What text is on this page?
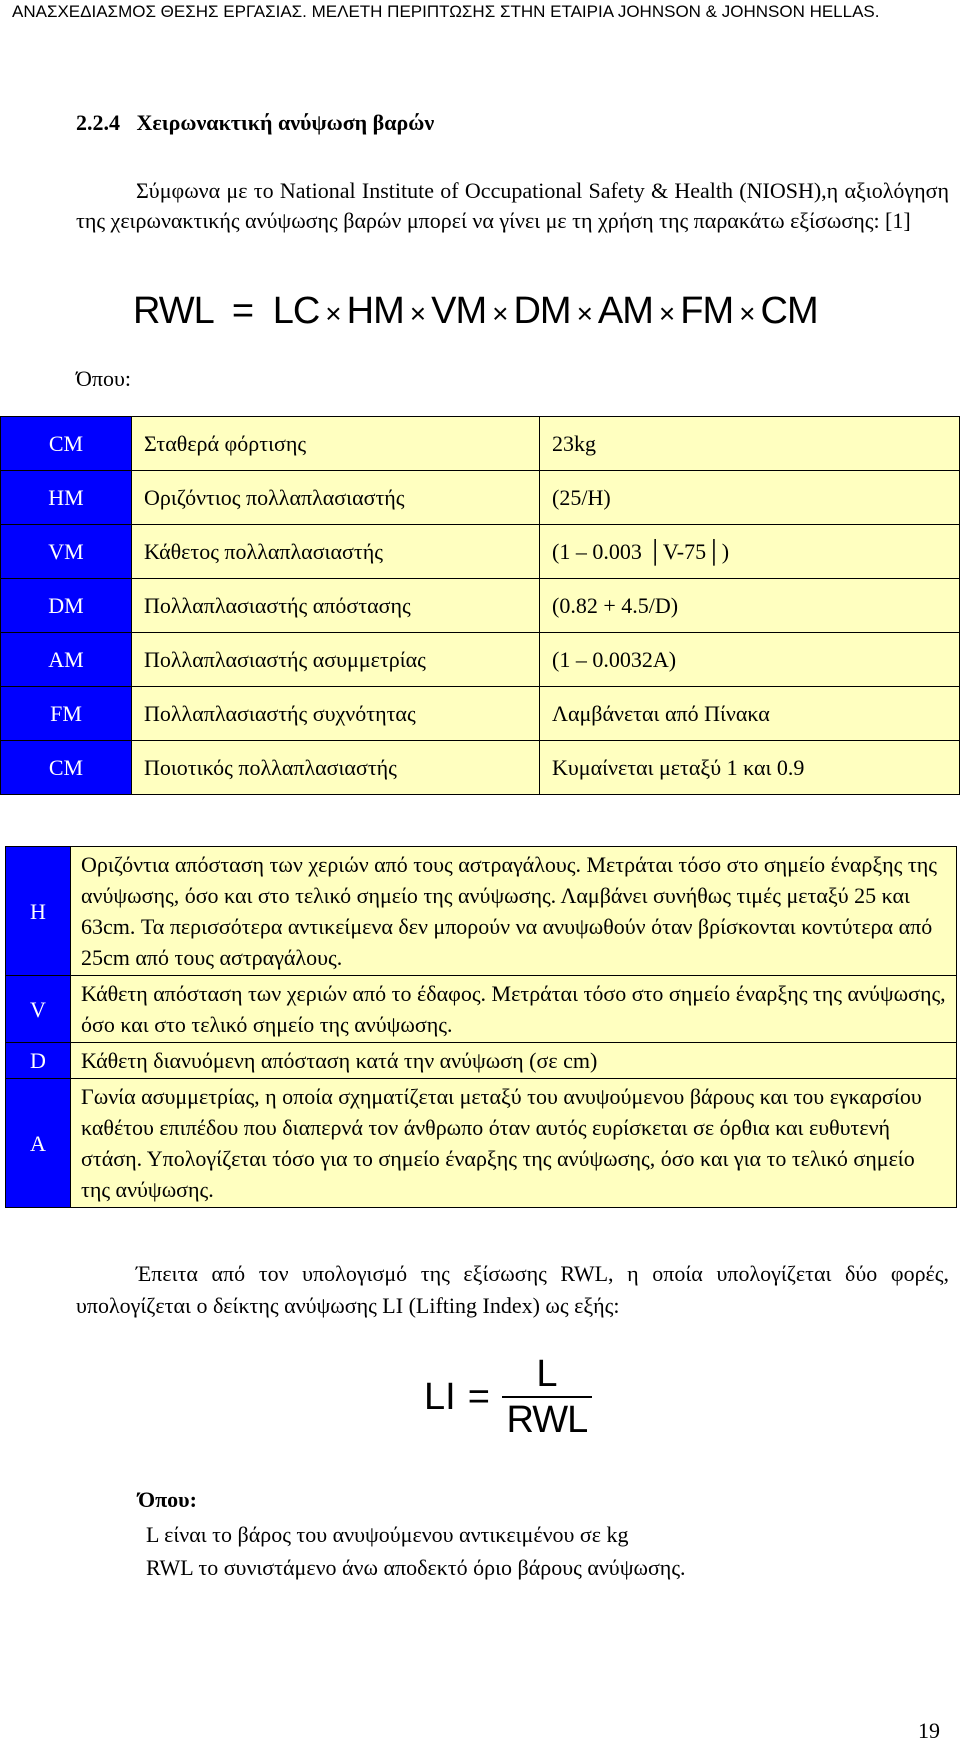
ΑΝΑΣΧΕΔΙΑΣΜΟΣ ΘΕΣΗΣ ΕΡΓΑΣΙΑΣ. ΜΕΛΕΤΗ ΠΕΡΙΠΤΩΣΗΣ ΣΤΗΝ ΕΤΑΙΡΙΑ JOHNSON & JOHNSON HELLAS.
2.2.4 Χειρωνακτική ανύψωση βαρών
Σύμφωνα με το National Institute of Occupational Safety & Health (NIOSH),η αξιολόγηση της χειρωνακτικής ανύψωσης βαρών μπορεί να γίνει με τη χρήση της παρακάτω εξίσωσης: [1]
RWL = LC × HM × VM × DM × AM × FM × CM
Όπου:
CM	Σταθερά φόρτισης	23kg
HM	Οριζόντιος πολλαπλασιαστής	(25/H)
VM	Κάθετος πολλαπλασιαστής	(1 – 0.003 │V-75│)
DM	Πολλαπλασιαστής απόστασης	(0.82 + 4.5/D)
AM	Πολλαπλασιαστής ασυμμετρίας	(1 – 0.0032A)
FM	Πολλαπλασιαστής συχνότητας	Λαμβάνεται από Πίνακα
CM	Ποιοτικός πολλαπλασιαστής	Κυμαίνεται μεταξύ 1 και 0.9
H	Οριζόντια απόσταση των χεριών από τους αστραγάλους. Μετράται τόσο στο σημείο έναρξης της ανύψωσης, όσο και στο τελικό σημείο της ανύψωσης. Λαμβάνει συνήθως τιμές μεταξύ 25 και 63cm. Τα περισσότερα αντικείμενα δεν μπορούν να ανυψωθούν όταν βρίσκονται κοντύτερα από 25cm από τους αστραγάλους.
V	Κάθετη απόσταση των χεριών από το έδαφος. Μετράται τόσο στο σημείο έναρξης της ανύψωσης, όσο και στο τελικό σημείο της ανύψωσης.
D	Κάθετη διανυόμενη απόσταση κατά την ανύψωση (σε cm)
A	Γωνία ασυμμετρίας, η οποία σχηματίζεται μεταξύ του ανυψούμενου βάρους και του εγκαρσίου καθέτου επιπέδου που διαπερνά τον άνθρωπο όταν αυτός ευρίσκεται σε όρθια και ευθυτενή στάση. Υπολογίζεται τόσο για το σημείο έναρξης της ανύψωσης, όσο και για το τελικό σημείο της ανύψωσης.
Έπειτα από τον υπολογισμό της εξίσωσης RWL, η οποία υπολογίζεται δύο φορές, υπολογίζεται ο δείκτης ανύψωσης LI (Lifting Index) ως εξής:
LI =
L
RWL
Όπου:
L είναι το βάρος του ανυψούμενου αντικειμένου σε kg
RWL το συνιστάμενο άνω αποδεκτό όριο βάρους ανύψωσης.
19
